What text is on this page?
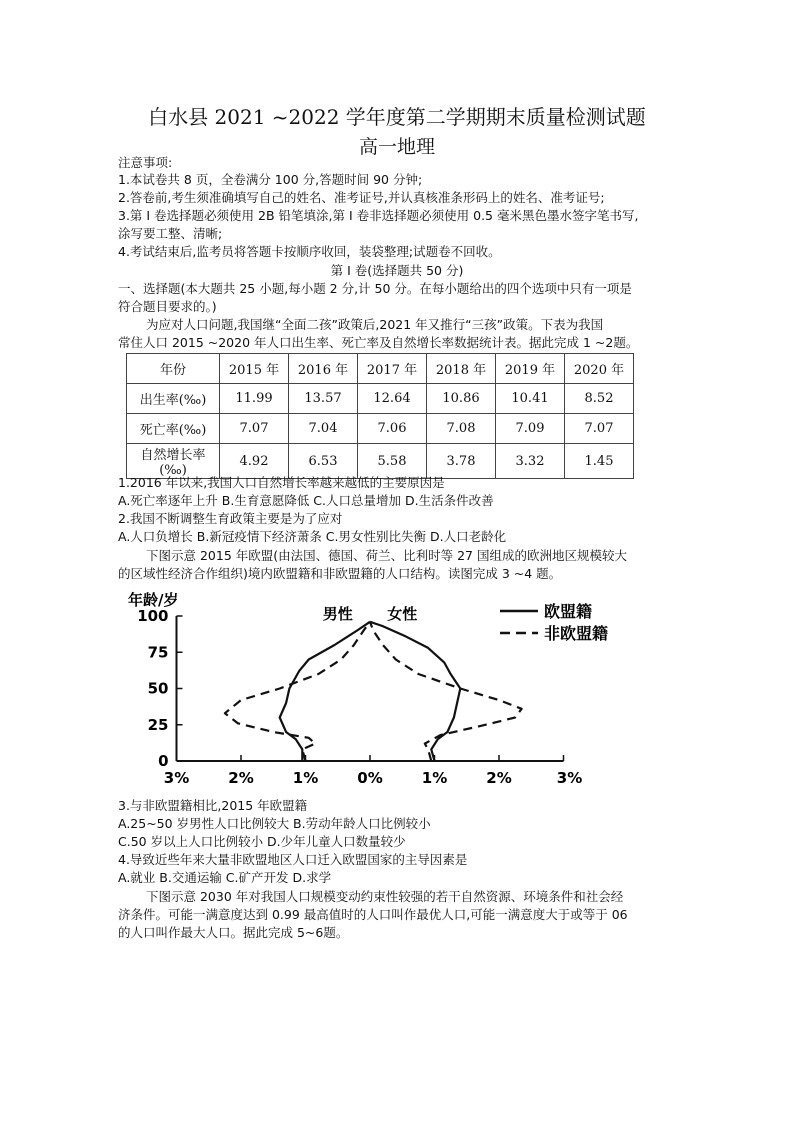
白水县 2021 ~2022 学年度第二学期期末质量检测试题
高一地理
注意事项:
1.本试卷共 8 页，全卷满分 100 分,答题时间 90 分钟;
2.答卷前,考生须准确填写自己的姓名、准考证号,并认真核准条形码上的姓名、准考证号;
3.第 I 卷选择题必须使用 2B 铅笔填涂,第 I 卷非选择题必须使用 0.5 毫米黑色墨水签字笔书写,
涂写要工整、清晰;
4.考试结束后,监考员将答题卡按顺序收回，装袋整理;试题卷不回收。
第 I 卷(选择题共 50 分)
一、选择题(本大题共 25 小题,每小题 2 分,计 50 分。在每小题给出的四个选项中只有一项是
符合题目要求的。)
为应对人口问题,我国继“全面二孩”政策后,2021 年又推行“三孩”政策。下表为我国
常住人口 2015 ~2020 年人口出生率、死亡率及自然增长率数据统计表。据此完成 1 ~2题。
年份	2015 年	2016 年	2017 年	2018 年	2019 年	2020 年
出生率(‰)	11.99	13.57	12.64	10.86	10.41	8.52
死亡率(‰)	7.07	7.04	7.06	7.08	7.09	7.07
自然增长率(‰)	4.92	6.53	5.58	3.78	3.32	1.45
1.2016 年以来,我国人口自然增长率越来越低的主要原因是
A.死亡率逐年上升 B.生育意愿降低 C.人口总量增加 D.生活条件改善
2.我国不断调整生育政策主要是为了应对
A.人口负增长 B.新冠疫情下经济萧条 C.男女性别比失衡 D.人口老龄化
下图示意 2015 年欧盟(由法国、德国、荷兰、比利时等 27 国组成的欧洲地区规模较大
的区域性经济合作组织)境内欧盟籍和非欧盟籍的人口结构。读图完成 3 ~4 题。
0
25
50
75
100
3%	2%	1%	0%	1%	2%	3%
年龄/岁
男性 女性	欧盟籍
非欧盟籍
3.与非欧盟籍相比,2015 年欧盟籍
A.25~50 岁男性人口比例较大 B.劳动年龄人口比例较小
C.50 岁以上人口比例较小 D.少年儿童人口数量较少
4.导致近些年来大量非欧盟地区人口迁入欧盟国家的主导因素是
A.就业 B.交通运输 C.矿产开发 D.求学
下图示意 2030 年对我国人口规模变动约束性较强的若干自然资源、环境条件和社会经
济条件。可能一满意度达到 0.99 最高值时的人口叫作最优人口,可能一满意度大于或等于 06
的人口叫作最大人口。据此完成 5~6题。
